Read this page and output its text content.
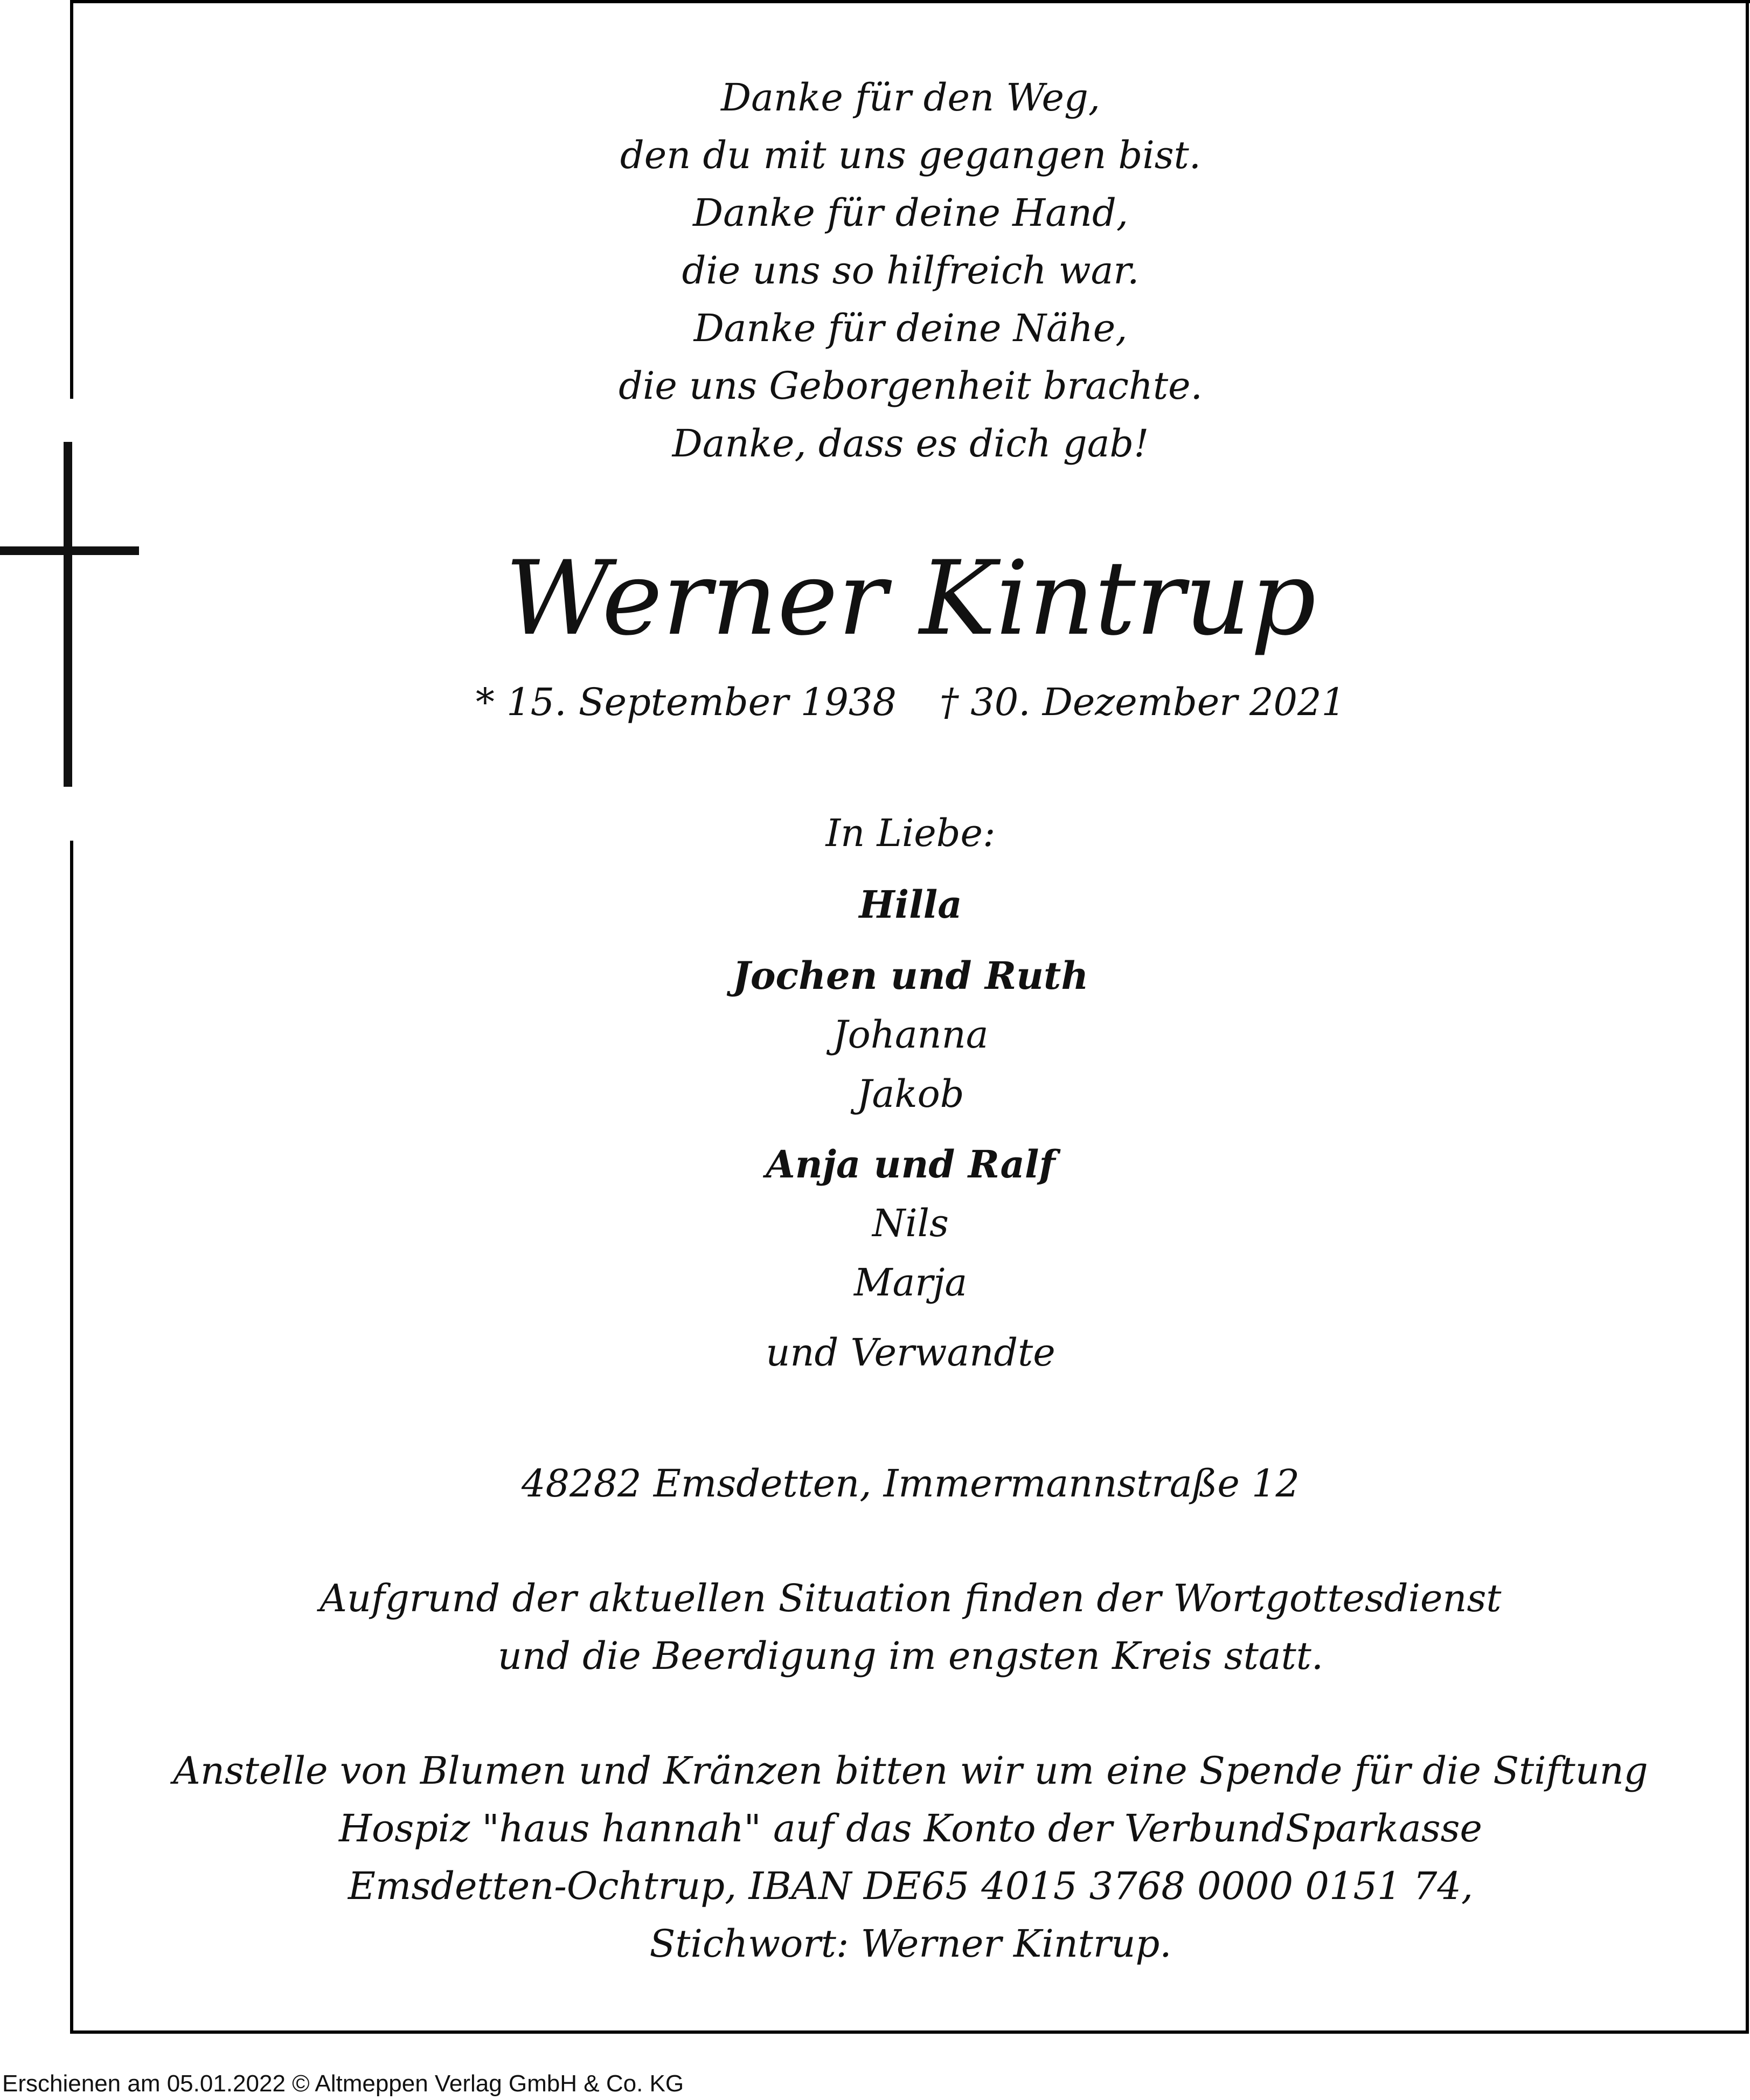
Danke für den Weg,
den du mit uns gegangen bist.
Danke für deine Hand,
die uns so hilfreich war.
Danke für deine Nähe,
die uns Geborgenheit brachte.
Danke, dass es dich gab!
Werner Kintrup
* 15. September 1938 † 30. Dezember 2021
In Liebe:
Hilla
Jochen und Ruth
Johanna
Jakob
Anja und Ralf
Nils
Marja
und Verwandte
48282 Emsdetten, Immermannstraße 12
Aufgrund der aktuellen Situation finden der Wortgottesdienst
und die Beerdigung im engsten Kreis statt.
Anstelle von Blumen und Kränzen bitten wir um eine Spende für die Stiftung
Hospiz "haus hannah" auf das Konto der VerbundSparkasse
Emsdetten-Ochtrup, IBAN DE65 4015 3768 0000 0151 74,
Stichwort: Werner Kintrup.
Erschienen am 05.01.2022 © Altmeppen Verlag GmbH & Co. KG
